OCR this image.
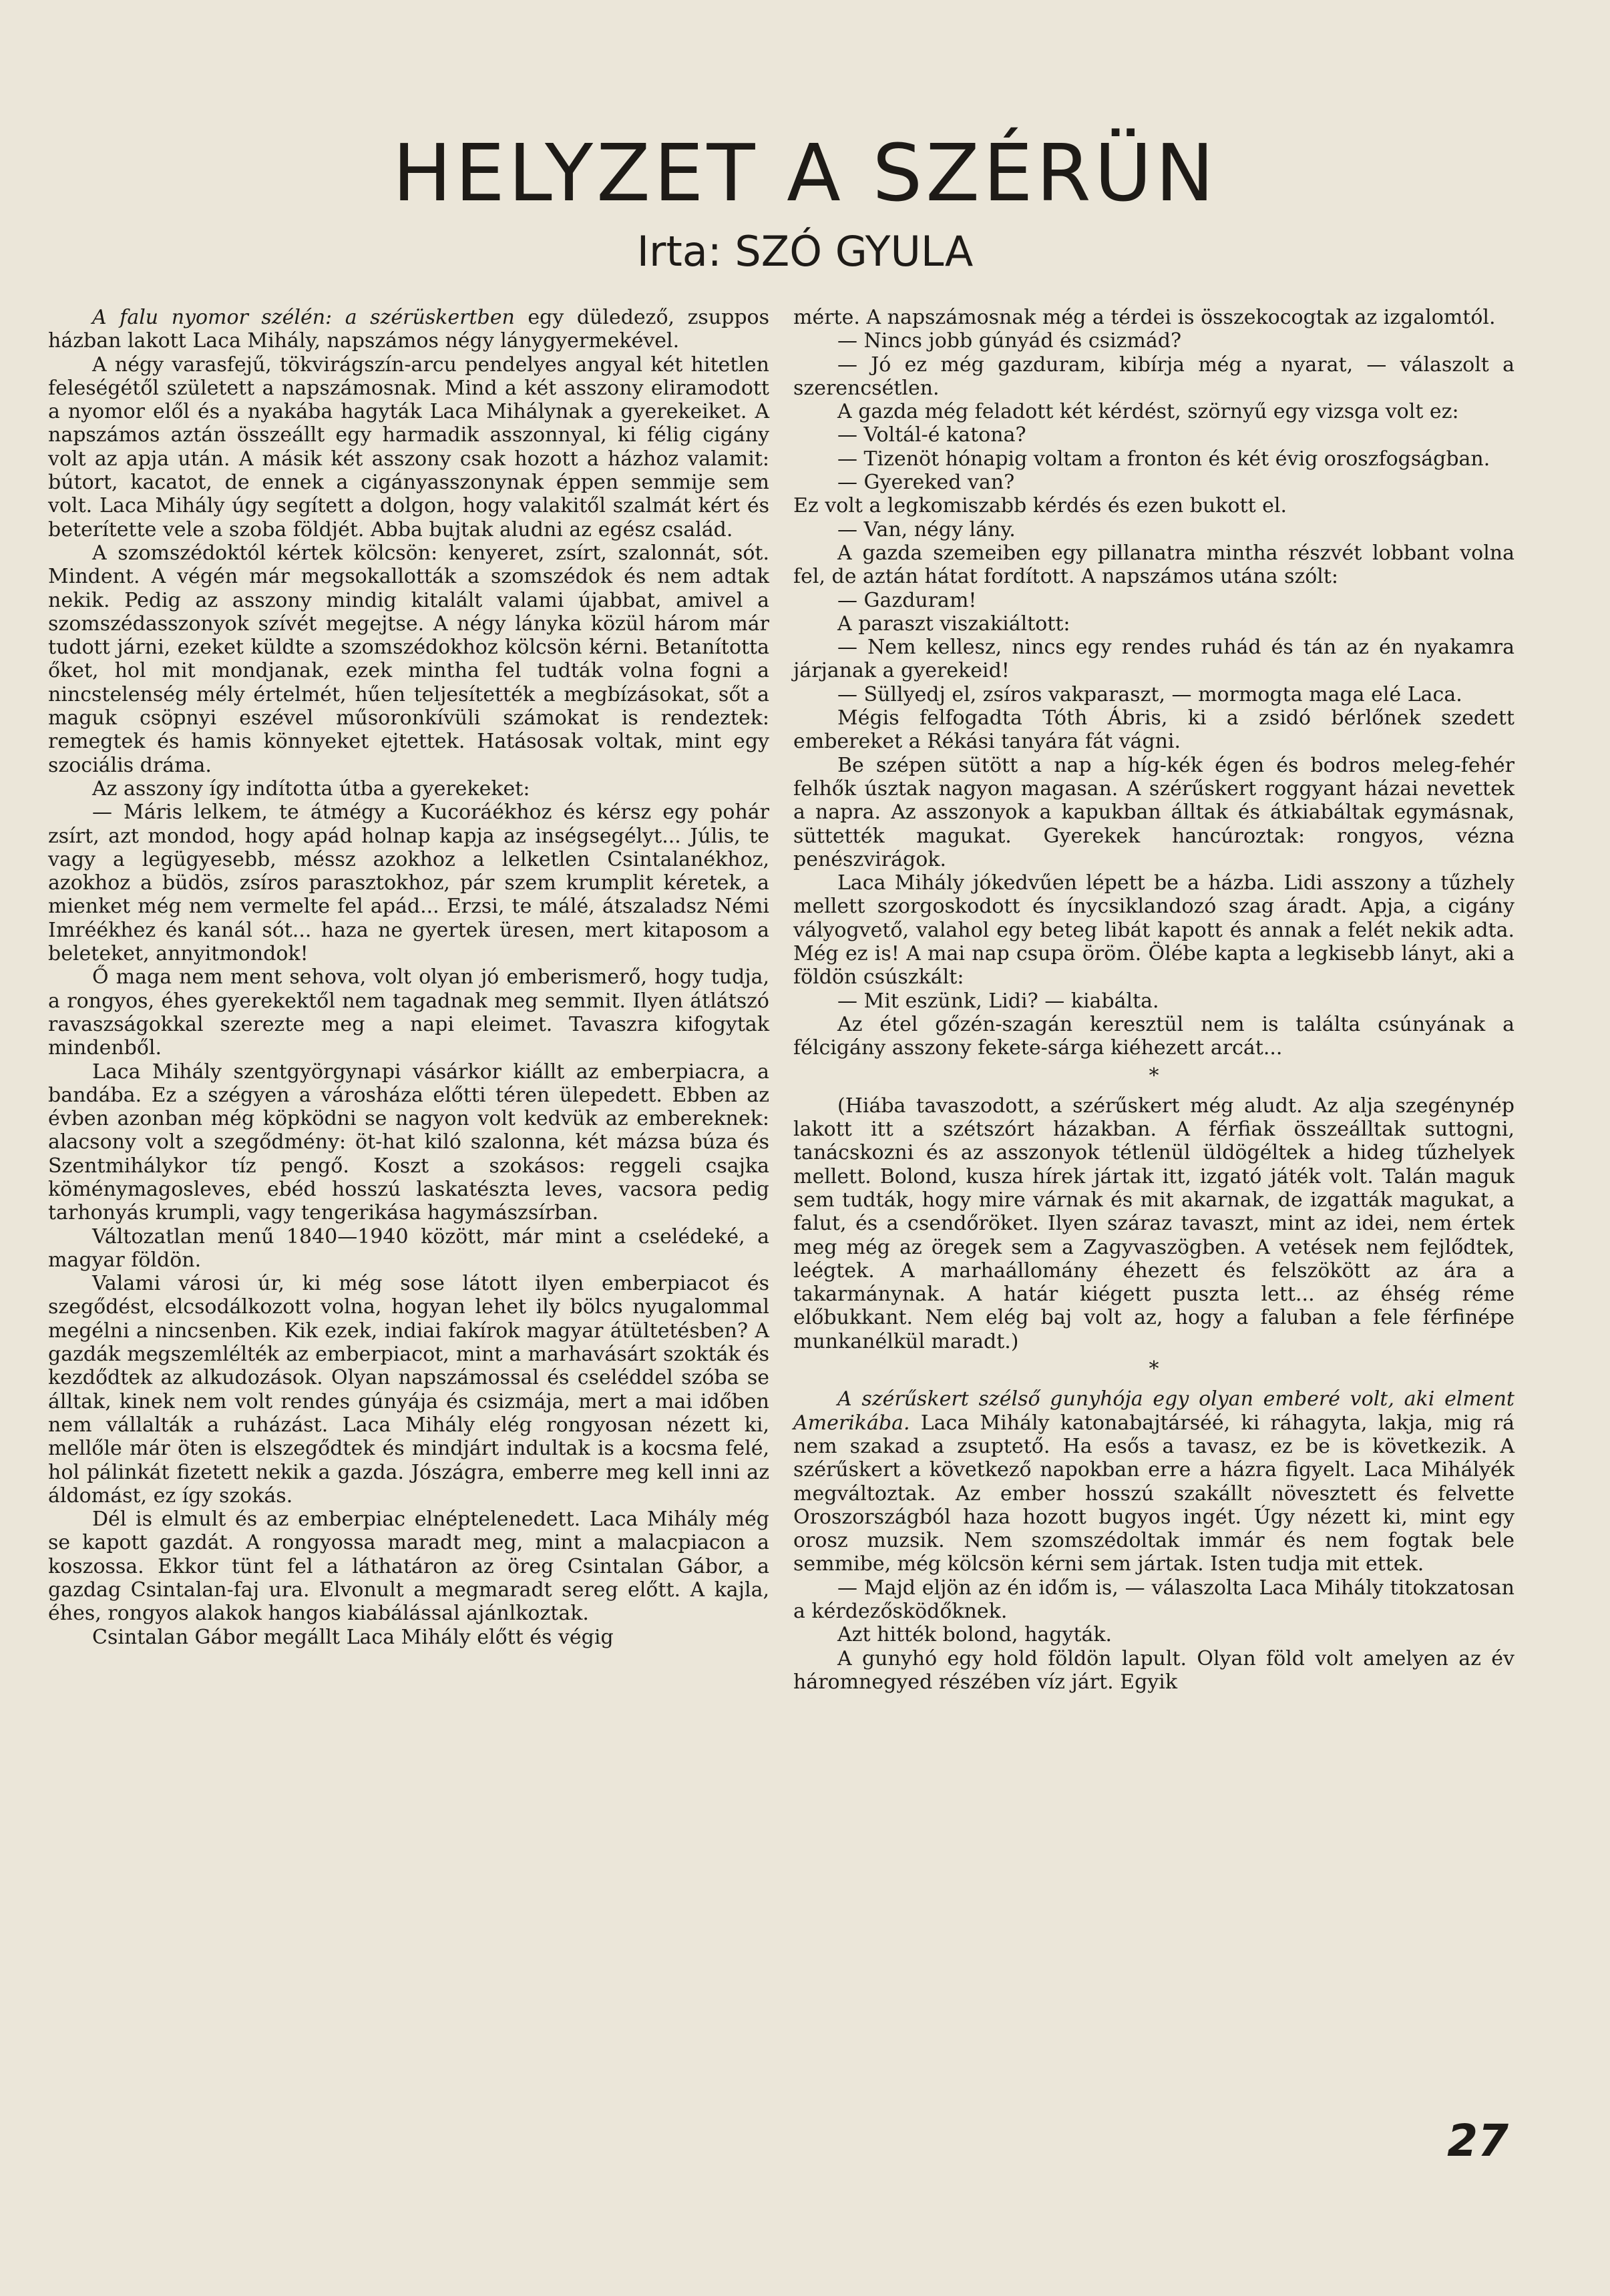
HELYZET A SZÉRÜN
Irta: SZÓ GYULA

A falu nyomor szélén: a szérüskertben egy düledező, zsuppos házban lakott Laca Mihály, napszámos négy lánygyermekével.

A négy varasfejű, tökvirágszín-arcu pendelyes angyal két hitetlen feleségétől született a napszámosnak. Mind a két asszony eliramodott a nyomor elől és a nyakába hagyták Laca Mihálynak a gyerekeiket. A napszámos aztán összeállt egy harmadik asszonnyal, ki félig cigány volt az apja után. A másik két asszony csak hozott a házhoz valamit: bútort, kacatot, de ennek a cigányasszonynak éppen semmije sem volt. Laca Mihály úgy segített a dolgon, hogy valakitől szalmát kért és beterítette vele a szoba földjét. Abba bujtak aludni az egész család.

A szomszédoktól kértek kölcsön: kenyeret, zsírt, szalonnát, sót. Mindent. A végén már megsokallották a szomszédok és nem adtak nekik. Pedig az asszony mindig kitalált valami újabbat, amivel a szomszédasszonyok szívét megejtse. A négy lányka közül három már tudott járni, ezeket küldte a szomszédokhoz kölcsön kérni. Betanította őket, hol mit mondjanak, ezek mintha fel tudták volna fogni a nincstelenség mély értelmét, hűen teljesítették a megbízásokat, sőt a maguk csöpnyi eszével műsoronkívüli számokat is rendeztek: remegtek és hamis könnyeket ejtettek. Hatásosak voltak, mint egy szociális dráma.

Az asszony így indította útba a gyerekeket:

— Máris lelkem, te átmégy a Kucoráékhoz és kérsz egy pohár zsírt, azt mondod, hogy apád holnap kapja az inségsegélyt... Júlis, te vagy a legügyesebb, méssz azokhoz a lelketlen Csintalanékhoz, azokhoz a büdös, zsíros parasztokhoz, pár szem krumplit kéretek, a mienket még nem vermelte fel apád... Erzsi, te málé, átszaladsz Némi Imréékhez és kanál sót... haza ne gyertek üresen, mert kitaposom a beleteket, annyitmondok!

Ő maga nem ment sehova, volt olyan jó emberismerő, hogy tudja, a rongyos, éhes gyerekektől nem tagadnak meg semmit. Ilyen átlátszó ravaszságokkal szerezte meg a napi eleimet. Tavaszra kifogytak mindenből.

Laca Mihály szentgyörgynapi vásárkor kiállt az emberpiacra, a bandába. Ez a szégyen a városháza előtti téren ülepedett. Ebben az évben azonban még köpködni se nagyon volt kedvük az embereknek: alacsony volt a szegődmény: öt-hat kiló szalonna, két mázsa búza és Szentmihálykor tíz pengő. Koszt a szokásos: reggeli csajka köménymagosleves, ebéd hosszú laskatészta leves, vacsora pedig tarhonyás krumpli, vagy tengerikása hagymászsírban.

Változatlan menű 1840—1940 között, már mint a cselédeké, a magyar földön.

Valami városi úr, ki még sose látott ilyen emberpiacot és szegődést, elcsodálkozott volna, hogyan lehet ily bölcs nyugalommal megélni a nincsenben. Kik ezek, indiai fakírok magyar átültetésben? A gazdák megszemlélték az emberpiacot, mint a marhavásárt szokták és kezdődtek az alkudozások. Olyan napszámossal és cseléddel szóba se álltak, kinek nem volt rendes gúnyája és csizmája, mert a mai időben nem vállalták a ruházást. Laca Mihály elég rongyosan nézett ki, mellőle már öten is elszegődtek és mindjárt indultak is a kocsma felé, hol pálinkát fizetett nekik a gazda. Jószágra, emberre meg kell inni az áldomást, ez így szokás.

Dél is elmult és az emberpiac elnéptelenedett. Laca Mihály még se kapott gazdát. A rongyossa maradt meg, mint a malacpiacon a koszossa. Ekkor tünt fel a láthatáron az öreg Csintalan Gábor, a gazdag Csintalan-faj ura. Elvonult a megmaradt sereg előtt. A kajla, éhes, rongyos alakok hangos kiabálással ajánlkoztak.

Csintalan Gábor megállt Laca Mihály előtt és végig

mérte. A napszámosnak még a térdei is összekocogtak az izgalomtól.

— Nincs jobb gúnyád és csizmád?

— Jó ez még gazduram, kibírja még a nyarat, — válaszolt a szerencsétlen.

A gazda még feladott két kérdést, szörnyű egy vizsga volt ez:

— Voltál-é katona?

— Tizenöt hónapig voltam a fronton és két évig oroszfogságban.

— Gyereked van?

Ez volt a legkomiszabb kérdés és ezen bukott el.

— Van, négy lány.

A gazda szemeiben egy pillanatra mintha részvét lobbant volna fel, de aztán hátat fordított. A napszámos utána szólt:

— Gazduram!

A paraszt viszakiáltott:

— Nem kellesz, nincs egy rendes ruhád és tán az én nyakamra járjanak a gyerekeid!

— Süllyedj el, zsíros vakparaszt, — mormogta maga elé Laca.

Mégis felfogadta Tóth Ábris, ki a zsidó bérlőnek szedett embereket a Rékási tanyára fát vágni.

Be szépen sütött a nap a híg-kék égen és bodros meleg-fehér felhők úsztak nagyon magasan. A szérűskert roggyant házai nevettek a napra. Az asszonyok a kapukban álltak és átkiabáltak egymásnak, süttették magukat. Gyerekek hancúroztak: rongyos, vézna penészvirágok.

Laca Mihály jókedvűen lépett be a házba. Lidi asszony a tűzhely mellett szorgoskodott és ínycsiklandozó szag áradt. Apja, a cigány vályogvető, valahol egy beteg libát kapott és annak a felét nekik adta. Még ez is! A mai nap csupa öröm. Ölébe kapta a legkisebb lányt, aki a földön csúszkált:

— Mit eszünk, Lidi? — kiabálta.

Az étel gőzén-szagán keresztül nem is találta csúnyának a félcigány asszony fekete-sárga kiéhezett arcát...

*

(Hiába tavaszodott, a szérűskert még aludt. Az alja szegénynép lakott itt a szétszórt házakban. A férfiak összeálltak suttogni, tanácskozni és az asszonyok tétlenül üldögéltek a hideg tűzhelyek mellett. Bolond, kusza hírek jártak itt, izgató játék volt. Talán maguk sem tudták, hogy mire várnak és mit akarnak, de izgatták magukat, a falut, és a csendőröket. Ilyen száraz tavaszt, mint az idei, nem értek meg még az öregek sem a Zagyvaszögben. A vetések nem fejlődtek, leégtek. A marhaállomány éhezett és felszökött az ára a takarmánynak. A határ kiégett puszta lett... az éhség réme előbukkant. Nem elég baj volt az, hogy a faluban a fele férfinépe munkanélkül maradt.)

*

A szérűskert szélső gunyhója egy olyan emberé volt, aki elment Amerikába. Laca Mihály katonabajtárséé, ki ráhagyta, lakja, mig rá nem szakad a zsuptető. Ha esős a tavasz, ez be is következik. A szérűskert a következő napokban erre a házra figyelt. Laca Mihályék megváltoztak. Az ember hosszú szakállt növesztett és felvette Oroszországból haza hozott bugyos ingét. Úgy nézett ki, mint egy orosz muzsik. Nem szomszédoltak immár és nem fogtak bele semmibe, még kölcsön kérni sem jártak. Isten tudja mit ettek.

— Majd eljön az én időm is, — válaszolta Laca Mihály titokzatosan a kérdezősködőknek.

Azt hitték bolond, hagyták.

A gunyhó egy hold földön lapult. Olyan föld volt amelyen az év háromnegyed részében víz járt. Egyik

27
